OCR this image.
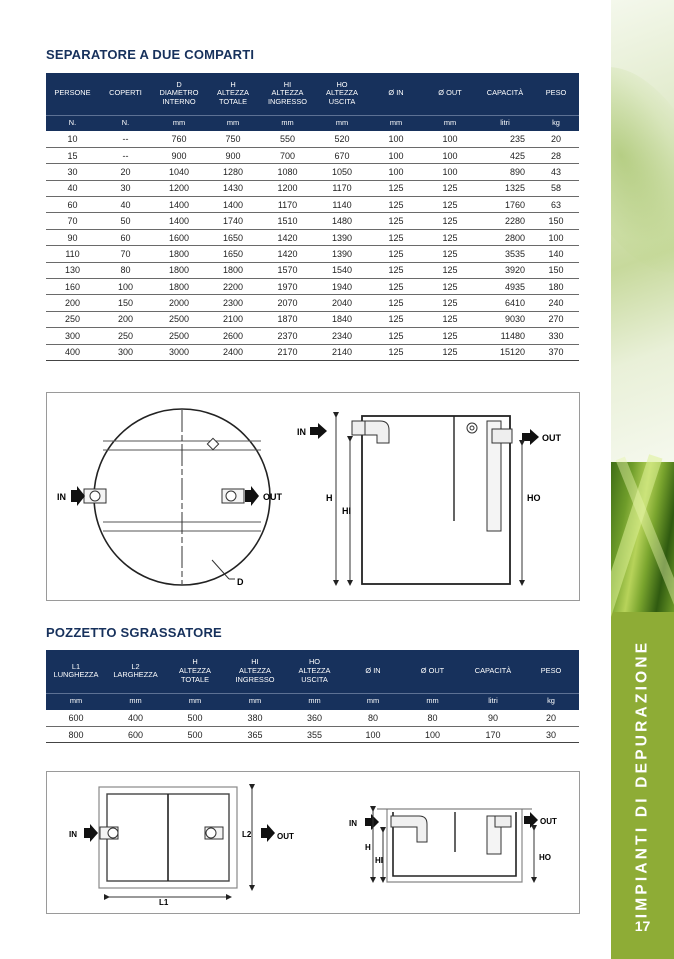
IMPIANTI DI DEPURAZIONE
17
SEPARATORE A DUE COMPARTI
PERSONE	COPERTI	D
DIAMETRO
INTERNO	H
ALTEZZA
TOTALE	HI
ALTEZZA
INGRESSO	HO
ALTEZZA
USCITA	Ø IN	Ø OUT	CAPACITÀ	PESO
N.	N.	mm	mm	mm	mm	mm	mm	litri	kg
10	--	760	750	550	520	100	100	235	20
15	--	900	900	700	670	100	100	425	28
30	20	1040	1280	1080	1050	100	100	890	43
40	30	1200	1430	1200	1170	125	125	1325	58
60	40	1400	1400	1170	1140	125	125	1760	63
70	50	1400	1740	1510	1480	125	125	2280	150
90	60	1600	1650	1420	1390	125	125	2800	100
110	70	1800	1650	1420	1390	125	125	3535	140
130	80	1800	1800	1570	1540	125	125	3920	150
160	100	1800	2200	1970	1940	125	125	4935	180
200	150	2000	2300	2070	2040	125	125	6410	240
250	200	2500	2100	1870	1840	125	125	9030	270
300	250	2500	2600	2370	2340	125	125	11480	330
400	300	3000	2400	2170	2140	125	125	15120	370
IN	OUT
D
IN
OUT
H
HI
HO
POZZETTO SGRASSATORE
L1
LUNGHEZZA	L2
LARGHEZZA	H
ALTEZZA
TOTALE	HI
ALTEZZA
INGRESSO	HO
ALTEZZA
USCITA	Ø IN	Ø OUT	CAPACITÀ	PESO
mm	mm	mm	mm	mm	mm	mm	litri	kg
600	400	500	380	360	80	80	90	20
800	600	500	365	355	100	100	170	30
IN	OUT
L2
L1
IN	OUT
H
HI	HO
